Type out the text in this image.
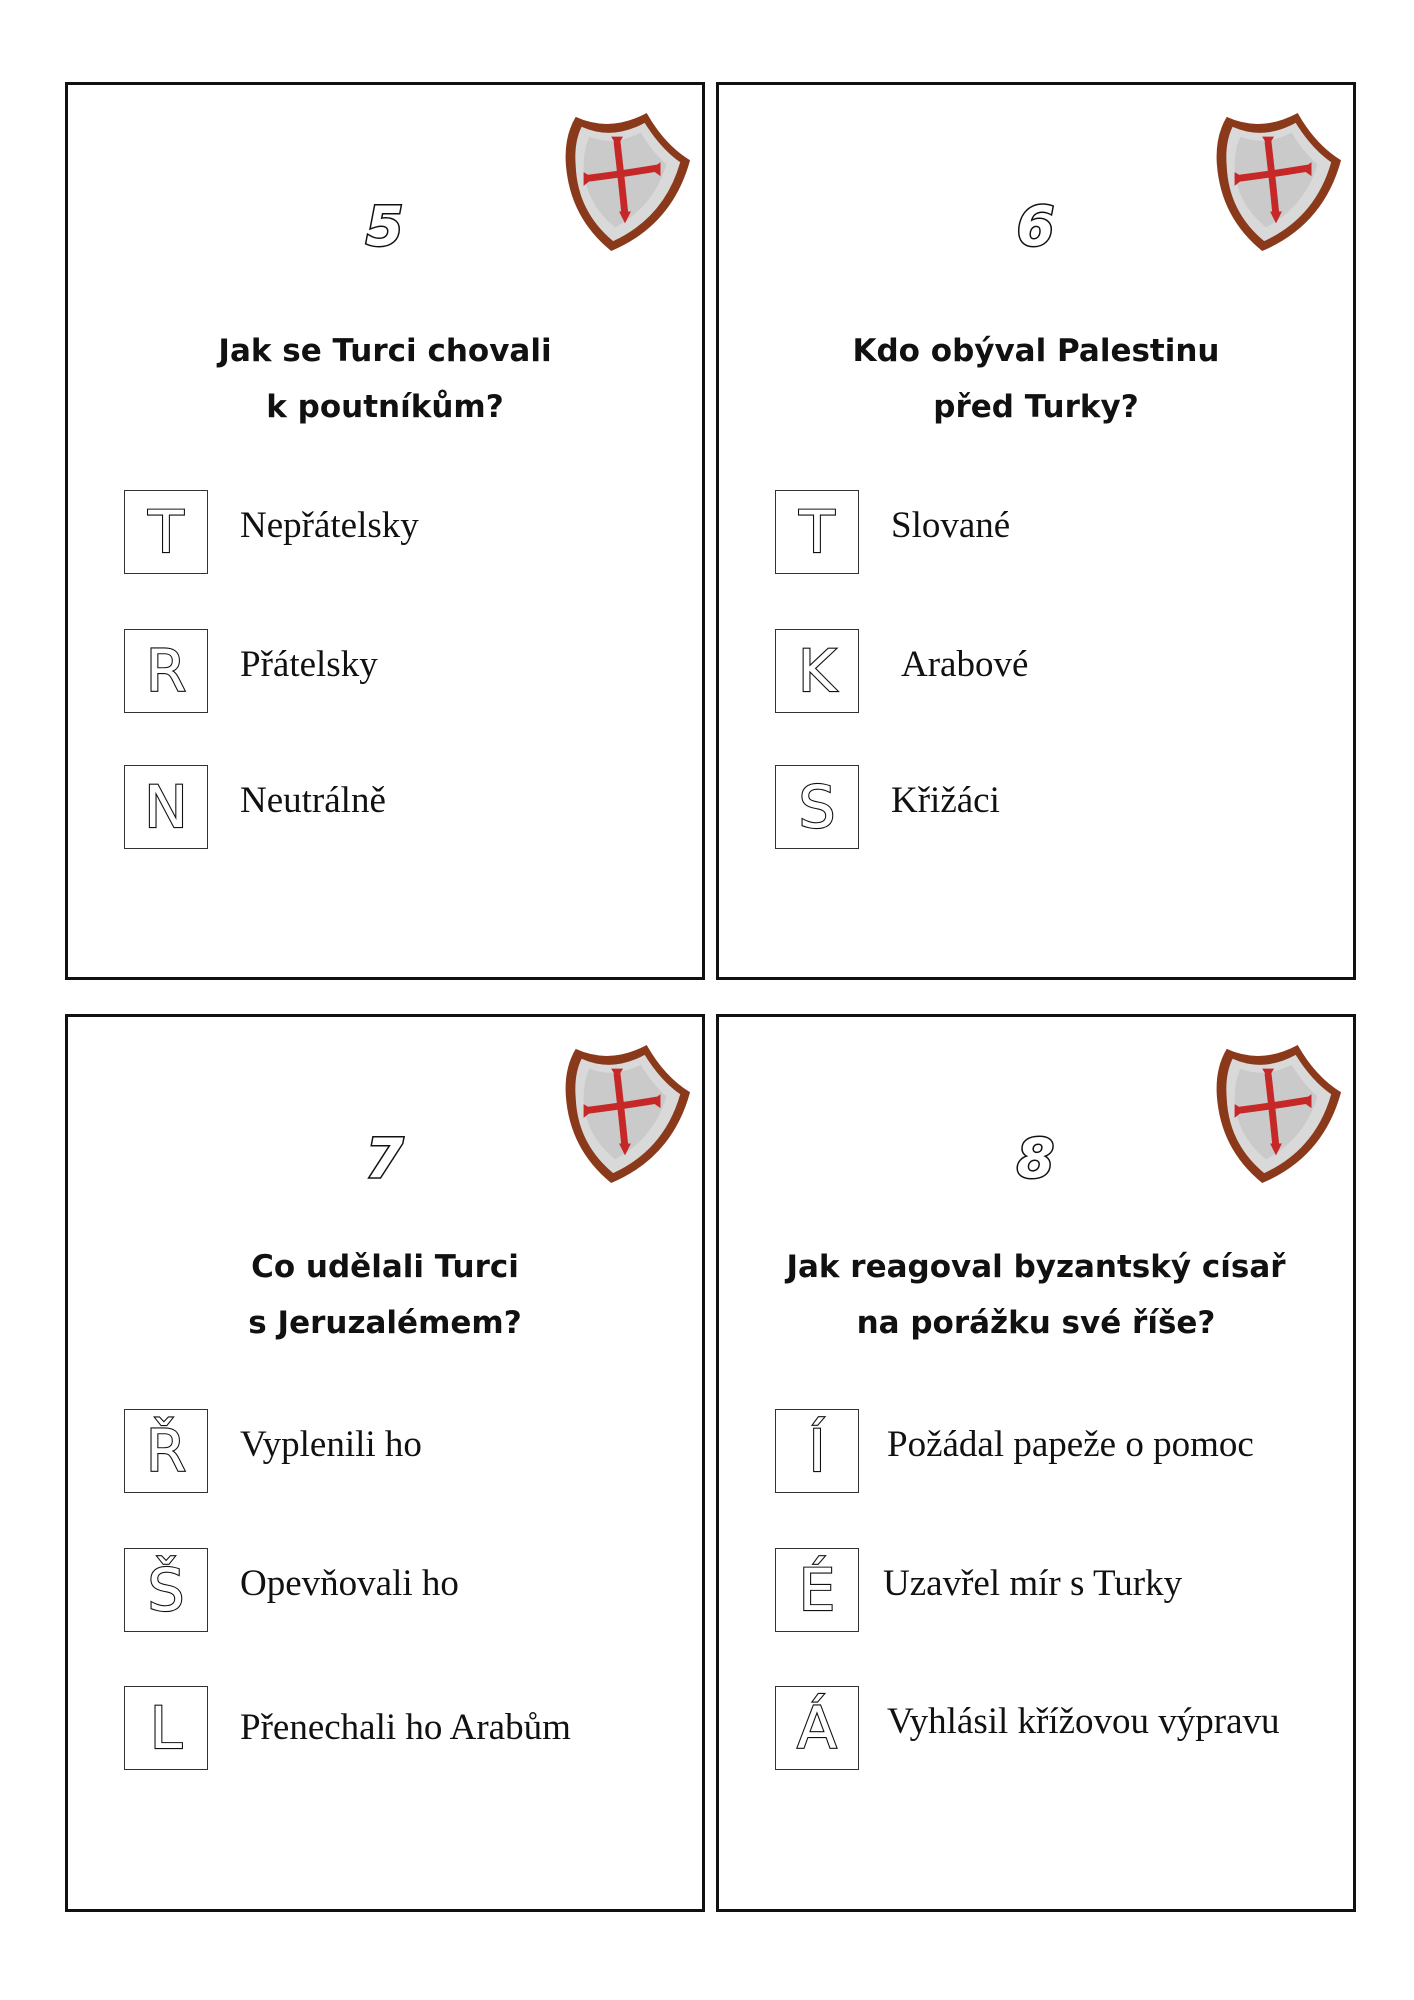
5
Jak se Turci chovali
k poutníkům?
T	Nepřátelsky
R	Přátelsky
N	Neutrálně
6
Kdo obýval Palestinu
před Turky?
T	Slované
K	Arabové
S	Křižáci
7
Co udělali Turci
s Jeruzalémem?
Ř	Vyplenili ho
Š	Opevňovali ho
L	Přenechali ho Arabům
8
Jak reagoval byzantský císař
na porážku své říše?
Í	Požádal papeže o pomoc
É	Uzavřel mír s Turky
Á	Vyhlásil křížovou výpravu
